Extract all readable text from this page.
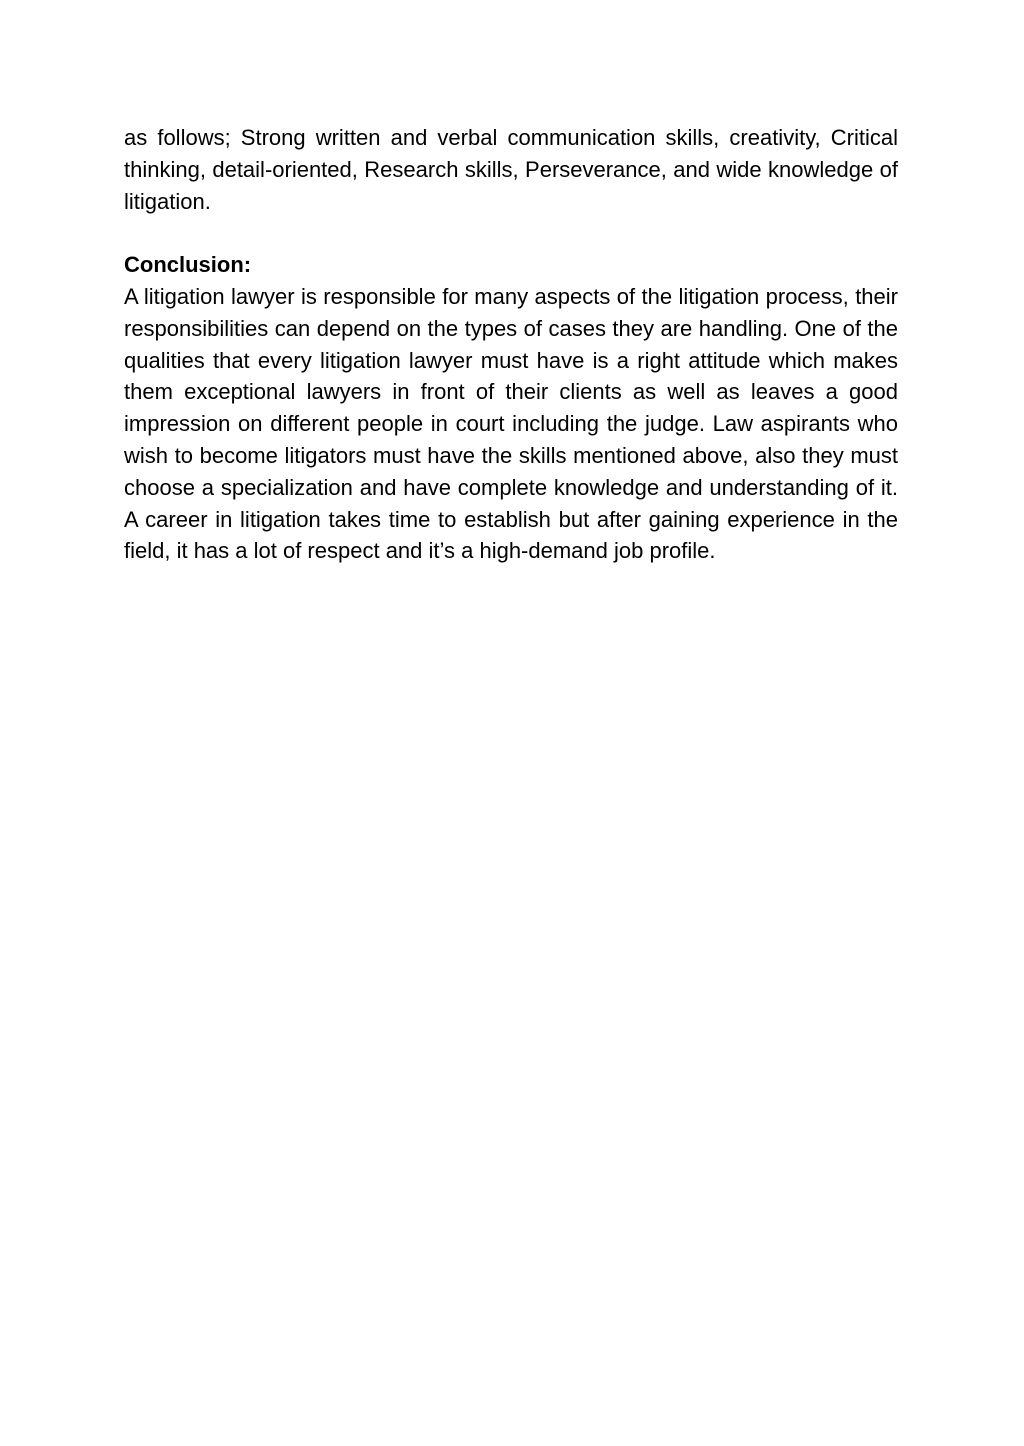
as follows; Strong written and verbal communication skills, creativity, Critical thinking, detail-oriented, Research skills, Perseverance, and wide knowledge of litigation.

Conclusion:

A litigation lawyer is responsible for many aspects of the litigation process, their responsibilities can depend on the types of cases they are handling. One of the qualities that every litigation lawyer must have is a right attitude which makes them exceptional lawyers in front of their clients as well as leaves a good impression on different people in court including the judge. Law aspirants who wish to become litigators must have the skills mentioned above, also they must choose a specialization and have complete knowledge and understanding of it. A career in litigation takes time to establish but after gaining experience in the field, it has a lot of respect and it’s a high-demand job profile.
